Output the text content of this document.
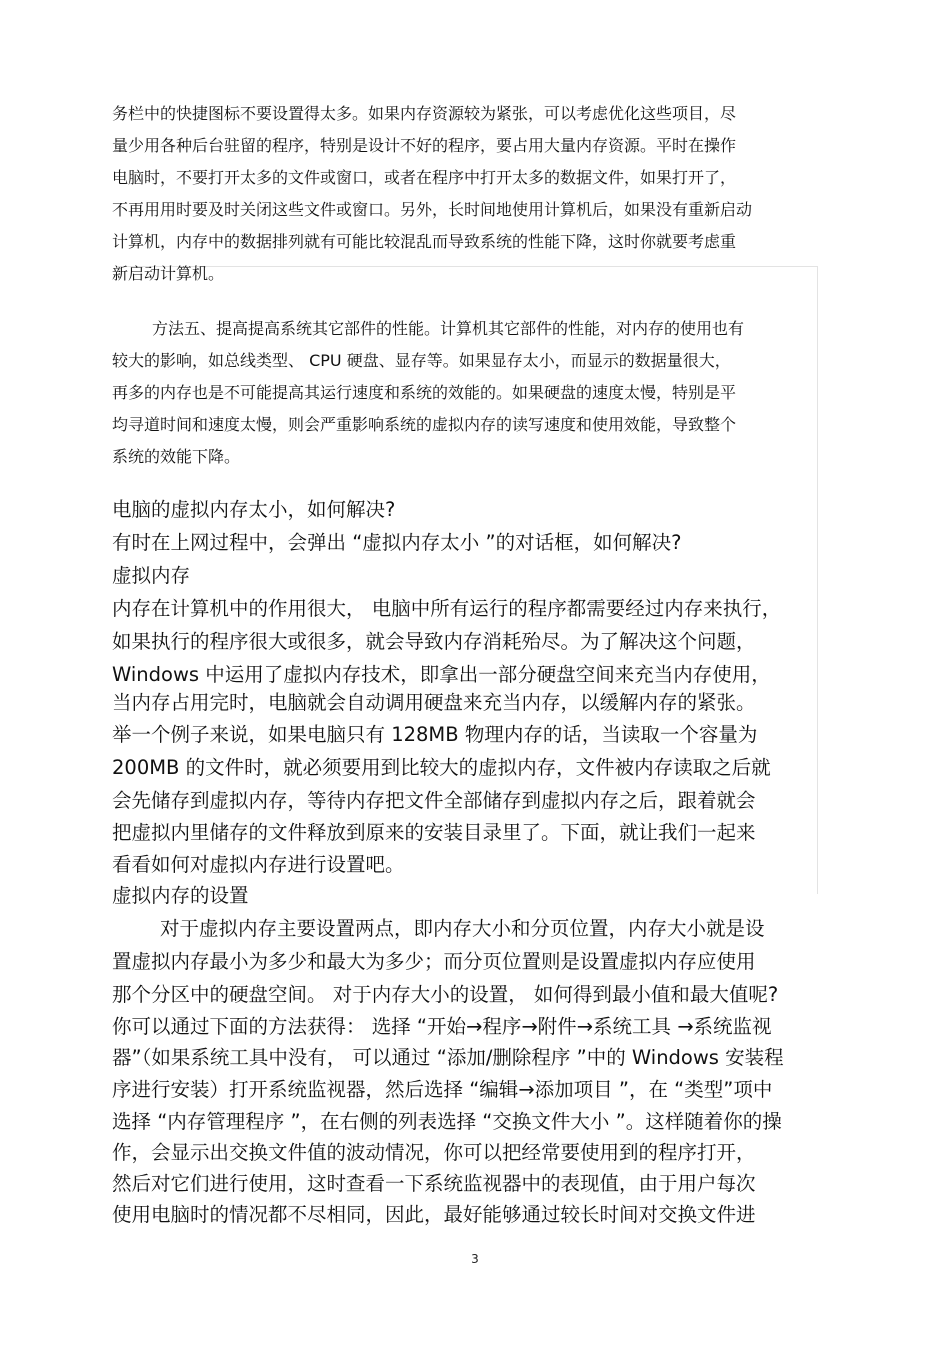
务栏中的快捷图标不要设置得太多。如果内存资源较为紧张，可以考虑优化这些项目，尽

量少用各种后台驻留的程序，特别是设计不好的程序，要占用大量内存资源。平时在操作

电脑时，不要打开太多的文件或窗口，或者在程序中打开太多的数据文件，如果打开了，

不再用用时要及时关闭这些文件或窗口。另外，长时间地使用计算机后，如果没有重新启动

计算机，内存中的数据排列就有可能比较混乱而导致系统的性能下降，这时你就要考虑重

新启动计算机。

方法五、提高提高系统其它部件的性能。计算机其它部件的性能，对内存的使用也有

较大的影响，如总线类型、 CPU 硬盘、显存等。如果显存太小，而显示的数据量很大，

再多的内存也是不可能提高其运行速度和系统的效能的。如果硬盘的速度太慢，特别是平

均寻道时间和速度太慢，则会严重影响系统的虚拟内存的读写速度和使用效能，导致整个

系统的效能下降。

电脑的虚拟内存太小，如何解决?

有时在上网过程中，会弹出 “虚拟内存太小 ”的对话框，如何解决?

虚拟内存

内存在计算机中的作用很大， 电脑中所有运行的程序都需要经过内存来执行，

如果执行的程序很大或很多，就会导致内存消耗殆尽。为了解决这个问题，

Windows 中运用了虚拟内存技术，即拿出一部分硬盘空间来充当内存使用，

当内存占用完时，电脑就会自动调用硬盘来充当内存，以缓解内存的紧张。

举一个例子来说，如果电脑只有 128MB 物理内存的话，当读取一个容量为

200MB 的文件时，就必须要用到比较大的虚拟内存，文件被内存读取之后就

会先储存到虚拟内存，等待内存把文件全部储存到虚拟内存之后，跟着就会

把虚拟内里储存的文件释放到原来的安装目录里了。下面，就让我们一起来

看看如何对虚拟内存进行设置吧。

虚拟内存的设置

对于虚拟内存主要设置两点，即内存大小和分页位置，内存大小就是设

置虚拟内存最小为多少和最大为多少；而分页位置则是设置虚拟内存应使用

那个分区中的硬盘空间。 对于内存大小的设置， 如何得到最小值和最大值呢?

你可以通过下面的方法获得： 选择 “开始→程序→附件→系统工具 →系统监视

器”（如果系统工具中没有， 可以通过 “添加/删除程序 ”中的 Windows 安装程

序进行安装）打开系统监视器，然后选择 “编辑→添加项目 ”，在 “类型”项中

选择 “内存管理程序 ”，在右侧的列表选择 “交换文件大小 ”。这样随着你的操

作，会显示出交换文件值的波动情况，你可以把经常要使用到的程序打开，

然后对它们进行使用，这时查看一下系统监视器中的表现值，由于用户每次

使用电脑时的情况都不尽相同，因此，最好能够通过较长时间对交换文件进

3
